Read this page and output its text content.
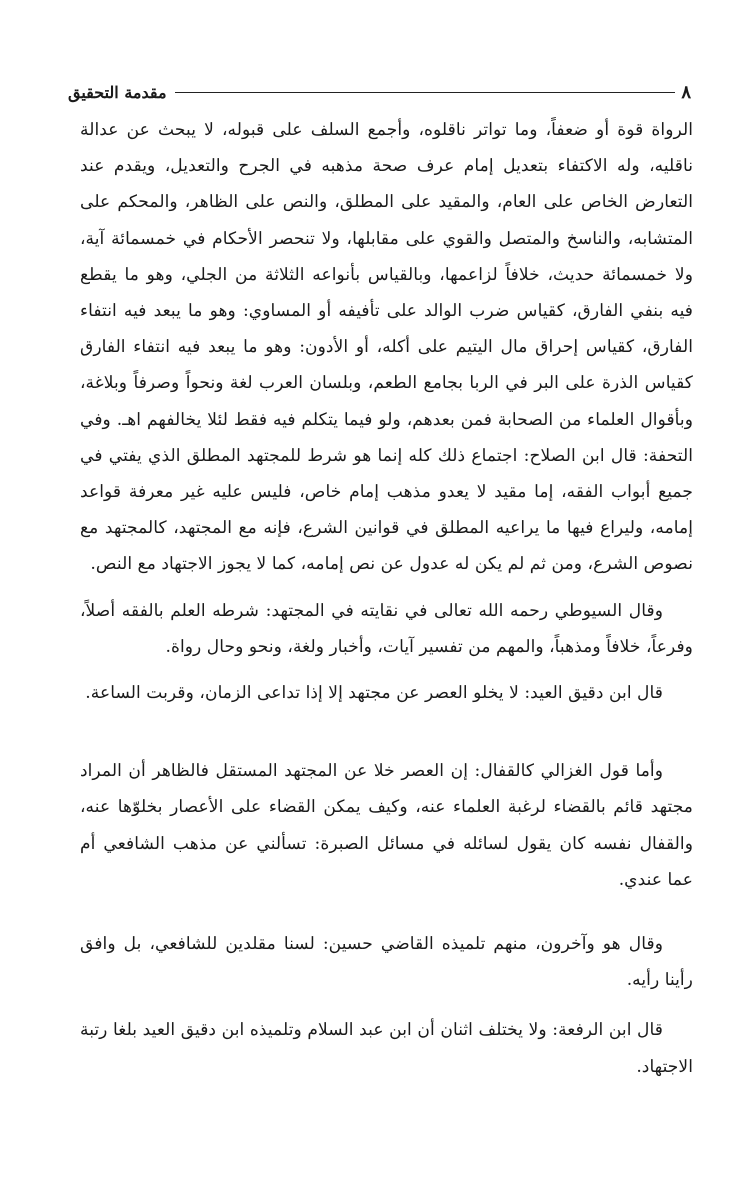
٨
مقدمة التحقيق

الرواة قوة أو ضعفاً، وما تواتر ناقلوه، وأجمع السلف على قبوله، لا يبحث عن عدالة ناقليه، وله الاكتفاء بتعديل إمام عرف صحة مذهبه في الجرح والتعديل، ويقدم عند التعارض الخاص على العام، والمقيد على المطلق، والنص على الظاهر، والمحكم على المتشابه، والناسخ والمتصل والقوي على مقابلها، ولا تنحصر الأحكام في خمسمائة آية، ولا خمسمائة حديث، خلافاً لزاعمها، وبالقياس بأنواعه الثلاثة من الجلي، وهو ما يقطع فيه بنفي الفارق، كقياس ضرب الوالد على تأفيفه أو المساوي: وهو ما يبعد فيه انتفاء الفارق، كقياس إحراق مال اليتيم على أكله، أو الأدون: وهو ما يبعد فيه انتفاء الفارق كقياس الذرة على البر في الربا بجامع الطعم، وبلسان العرب لغة ونحواً وصرفاً وبلاغة، وبأقوال العلماء من الصحابة فمن بعدهم، ولو فيما يتكلم فيه فقط لئلا يخالفهم اهـ. وفي التحفة: قال ابن الصلاح: اجتماع ذلك كله إنما هو شرط للمجتهد المطلق الذي يفتي في جميع أبواب الفقه، إما مقيد لا يعدو مذهب إمام خاص، فليس عليه غير معرفة قواعد إمامه، وليراع فيها ما يراعيه المطلق في قوانين الشرع، فإنه مع المجتهد، كالمجتهد مع نصوص الشرع، ومن ثم لم يكن له عدول عن نص إمامه، كما لا يجوز الاجتهاد مع النص.

وقال السيوطي رحمه الله تعالى في نقايته في المجتهد: شرطه العلم بالفقه أصلاً، وفرعاً، خلافاً ومذهباً، والمهم من تفسير آيات، وأخبار ولغة، ونحو وحال رواة.

قال ابن دقيق العيد: لا يخلو العصر عن مجتهد إلا إذا تداعى الزمان، وقربت الساعة.

وأما قول الغزالي كالقفال: إن العصر خلا عن المجتهد المستقل فالظاهر أن المراد مجتهد قائم بالقضاء لرغبة العلماء عنه، وكيف يمكن القضاء على الأعصار بخلوّها عنه، والقفال نفسه كان يقول لسائله في مسائل الصبرة: تسألني عن مذهب الشافعي أم عما عندي.

وقال هو وآخرون، منهم تلميذه القاضي حسين: لسنا مقلدين للشافعي، بل وافق رأينا رأيه.

قال ابن الرفعة: ولا يختلف اثنان أن ابن عبد السلام وتلميذه ابن دقيق العيد بلغا رتبة الاجتهاد.
